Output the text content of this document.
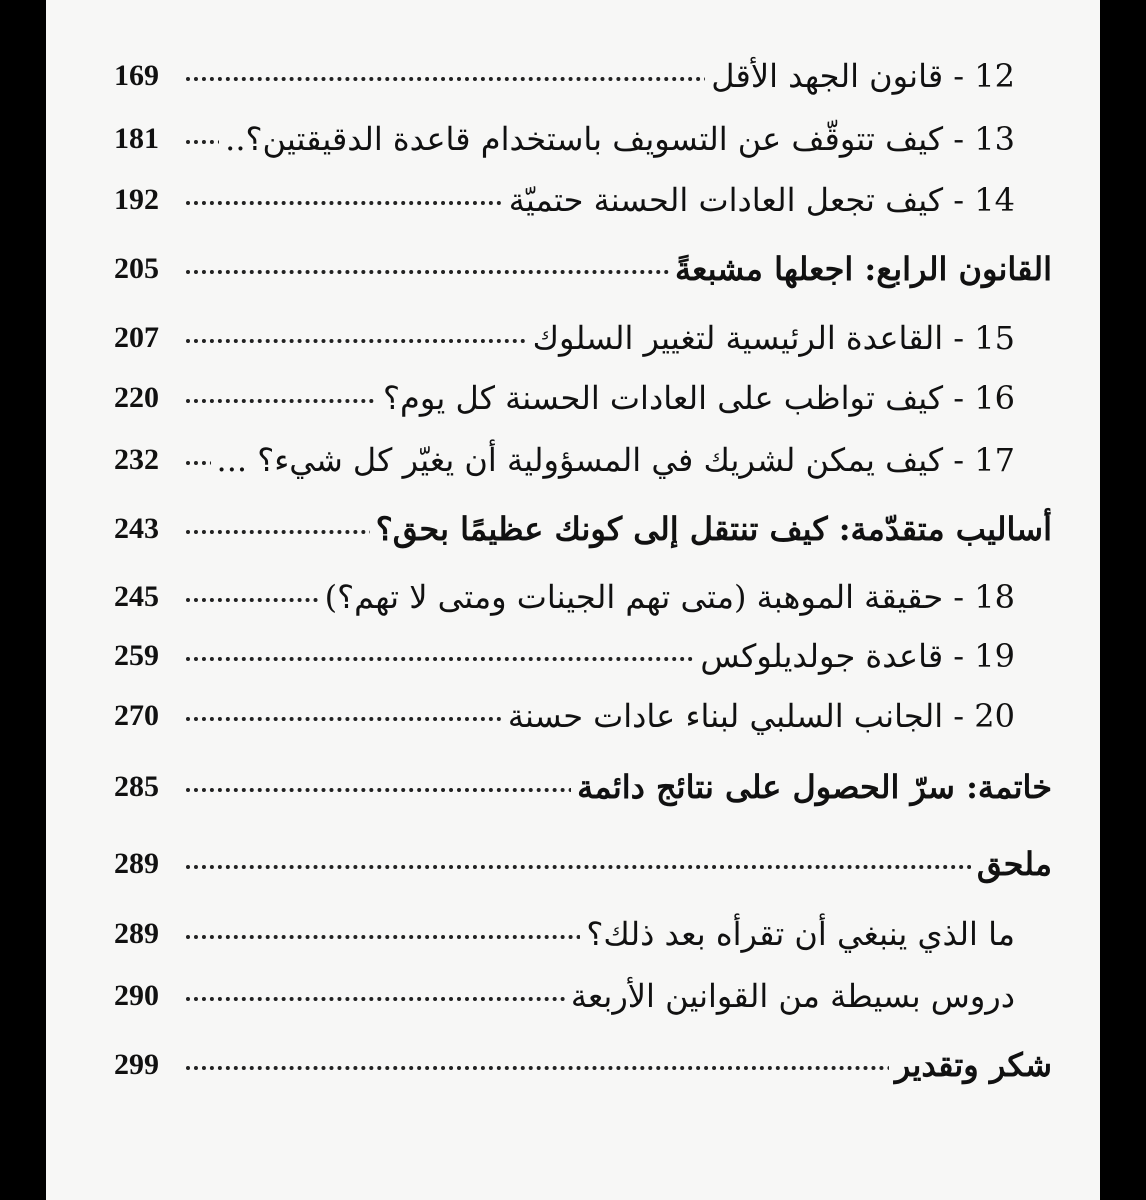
169	12 - قانون الجهد الأقل
181 13 - كيف تتوقّف عن التسويف باستخدام قاعدة الدقيقتين؟..
192	14 - كيف تجعل العادات الحسنة حتميّة
205	القانون الرابع: اجعلها مشبعةً
207	15 - القاعدة الرئيسية لتغيير السلوك
220	16 - كيف تواظب على العادات الحسنة كل يوم؟
232 17 - كيف يمكن لشريك في المسؤولية أن يغيّر كل شيء؟ ...
243	أساليب متقدّمة: كيف تنتقل إلى كونك عظيمًا بحق؟
245	18 - حقيقة الموهبة (متى تهم الجينات ومتى لا تهم؟)
259	19 - قاعدة جولديلوكس
270	20 - الجانب السلبي لبناء عادات حسنة
285	خاتمة: سرّ الحصول على نتائج دائمة
289	ملحق
289	ما الذي ينبغي أن تقرأه بعد ذلك؟
290	دروس بسيطة من القوانين الأربعة
299	شكر وتقدير
